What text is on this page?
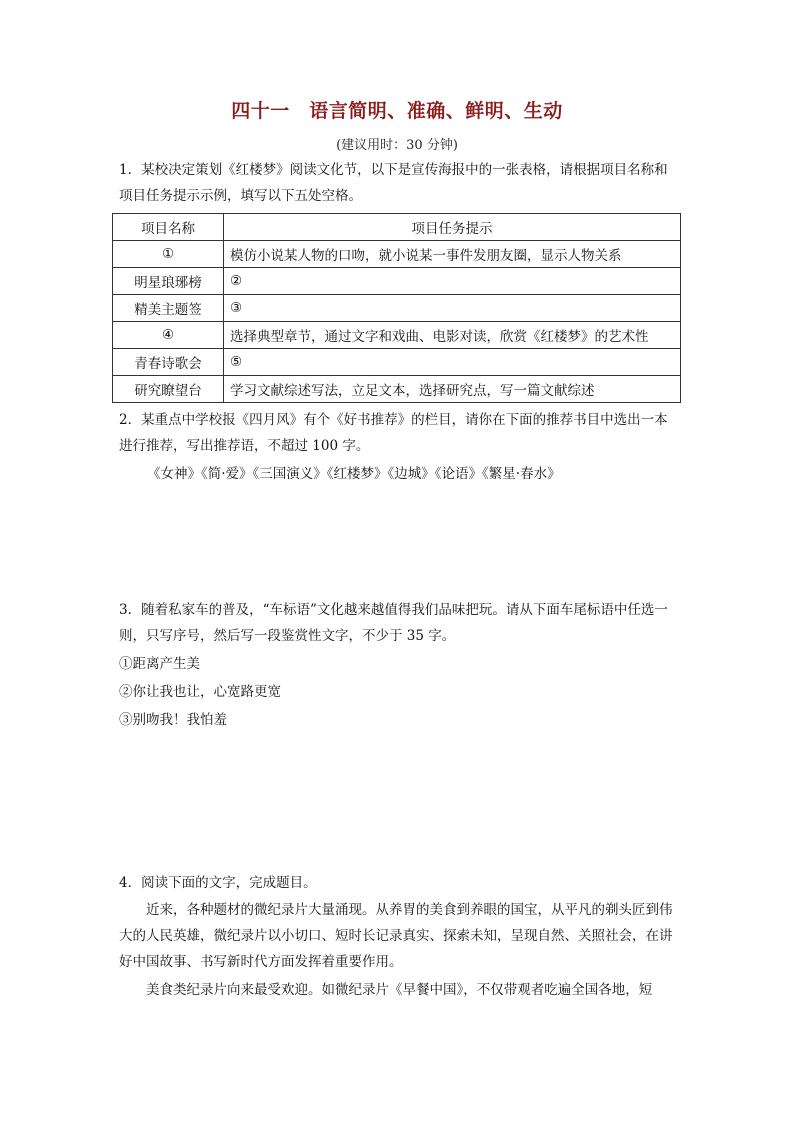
四十一　语言简明、准确、鲜明、生动
(建议用时：30 分钟)

1．某校决定策划《红楼梦》阅读文化节，以下是宣传海报中的一张表格，请根据项目名称和项目任务提示示例，填写以下五处空格。

项目名称	项目任务提示
①	模仿小说某人物的口吻，就小说某一事件发朋友圈，显示人物关系
明星琅琊榜	②
精美主题签	③
④	选择典型章节，通过文字和戏曲、电影对读，欣赏《红楼梦》的艺术性
青春诗歌会	⑤
研究瞭望台	学习文献综述写法，立足文本，选择研究点，写一篇文献综述

2．某重点中学校报《四月风》有个《好书推荐》的栏目，请你在下面的推荐书目中选出一本进行推荐，写出推荐语，不超过 100 字。

《女神》《简·爱》《三国演义》《红楼梦》《边城》《论语》《繁星·春水》

3．随着私家车的普及，“车标语”文化越来越值得我们品味把玩。请从下面车尾标语中任选一则，只写序号，然后写一段鉴赏性文字，不少于 35 字。

①距离产生美
②你让我也让，心宽路更宽
③别吻我！我怕羞
4．阅读下面的文字，完成题目。

近来，各种题材的微纪录片大量涌现。从养胃的美食到养眼的国宝，从平凡的剃头匠到伟大的人民英雄，微纪录片以小切口、短时长记录真实、探索未知，呈现自然、关照社会，在讲好中国故事、书写新时代方面发挥着重要作用。

美食类纪录片向来最受欢迎。如微纪录片《早餐中国》，不仅带观者吃遍全国各地，短
